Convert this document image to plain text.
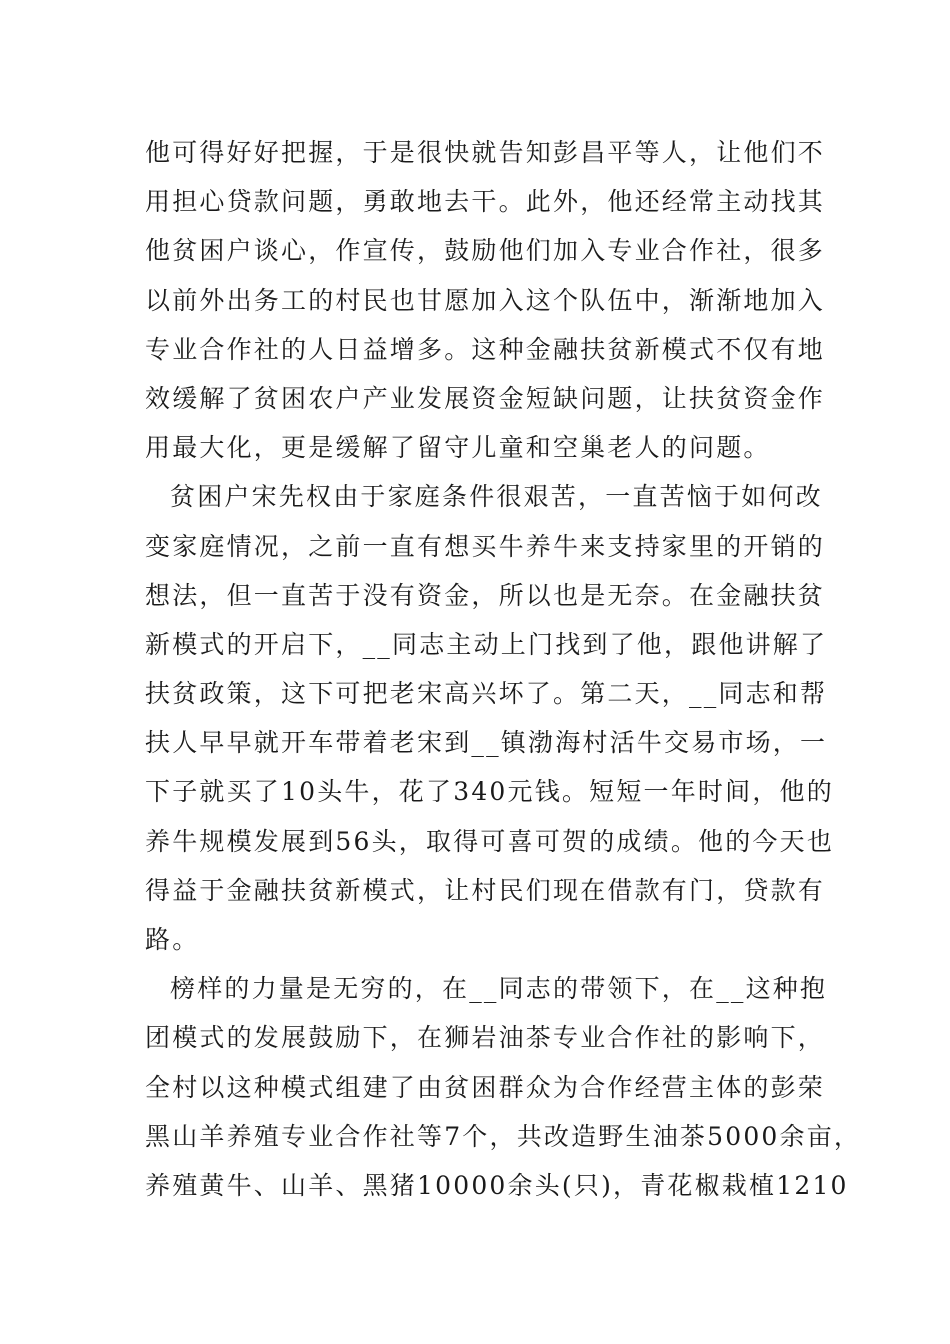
他可得好好把握，于是很快就告知彭昌平等人，让他们不
用担心贷款问题，勇敢地去干。此外，他还经常主动找其
他贫困户谈心，作宣传，鼓励他们加入专业合作社，很多
以前外出务工的村民也甘愿加入这个队伍中，渐渐地加入
专业合作社的人日益增多。这种金融扶贫新模式不仅有地
效缓解了贫困农户产业发展资金短缺问题，让扶贫资金作
用最大化，更是缓解了留守儿童和空巢老人的问题。
贫困户宋先权由于家庭条件很艰苦，一直苦恼于如何改
变家庭情况，之前一直有想买牛养牛来支持家里的开销的
想法，但一直苦于没有资金，所以也是无奈。在金融扶贫
新模式的开启下，__同志主动上门找到了他，跟他讲解了
扶贫政策，这下可把老宋高兴坏了。第二天，__同志和帮
扶人早早就开车带着老宋到__镇渤海村活牛交易市场，一
下子就买了10头牛，花了340元钱。短短一年时间，他的
养牛规模发展到56头，取得可喜可贺的成绩。他的今天也
得益于金融扶贫新模式，让村民们现在借款有门，贷款有
路。
榜样的力量是无穷的，在__同志的带领下，在__这种抱
团模式的发展鼓励下，在狮岩油茶专业合作社的影响下，
全村以这种模式组建了由贫困群众为合作经营主体的彭荣
黑山羊养殖专业合作社等7个，共改造野生油茶5000余亩，
养殖黄牛、山羊、黑猪10000余头(只)，青花椒栽植1210
